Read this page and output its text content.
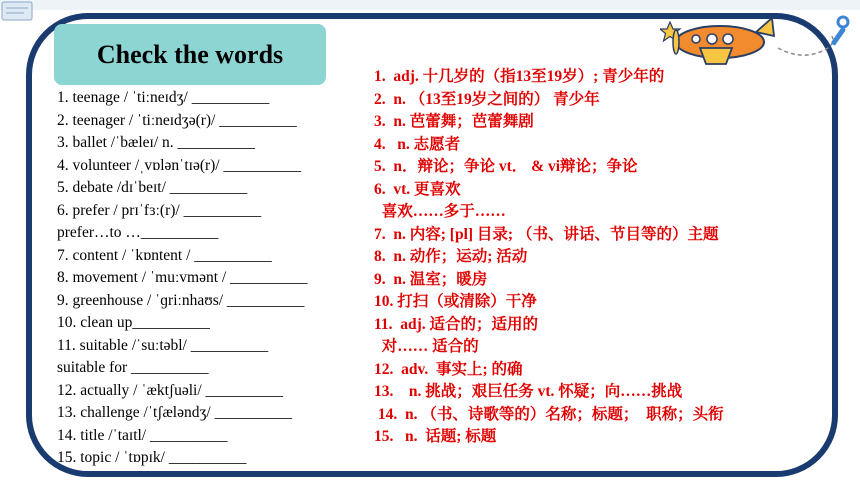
Check the words
1. teenage / ˈtiːneɪdʒ/ __________
2. teenager / ˈtiːneɪdʒə(r)/ __________
3. ballet /ˈbæleɪ/ n. __________
4. volunteer /ˌvɒlənˈtɪə(r)/ __________
5. debate /dɪˈbeɪt/ __________
6. prefer / prɪˈfɜː(r)/ __________
prefer…to …__________
7. content / ˈkɒntent / __________
8. movement / ˈmuːvmənt / __________
9. greenhouse / ˈɡriːnhaʊs/ __________
10. clean up__________
11. suitable /ˈsuːtəbl/ __________
suitable for __________
12. actually / ˈæktʃuəli/ __________
13. challenge /ˈtʃæləndʒ/ __________
14. title /ˈtaɪtl/ __________
15. topic / ˈtɒpɪk/ __________
1.  adj. 十几岁的（指13至19岁）; 青少年的
2.  n. （13至19岁之间的） 青少年
3.  n. 芭蕾舞；芭蕾舞剧
4.   n. 志愿者
5.  n．辩论；争论 vt． & vi辩论；争论
6.  vt. 更喜欢
喜欢……多于……
7.  n. 内容; [pl] 目录; （书、讲话、节目等的）主题
8.  n. 动作；运动; 活动
9.  n. 温室；暖房
10. 打扫（或清除）干净
11.  adj. 适合的；适用的
对…… 适合的
12.  adv.  事实上; 的确
13.    n. 挑战；艰巨任务 vt. 怀疑；向……挑战
14.  n. （书、诗歌等的）名称；标题；  职称；头衔
15.   n.  话题; 标题
